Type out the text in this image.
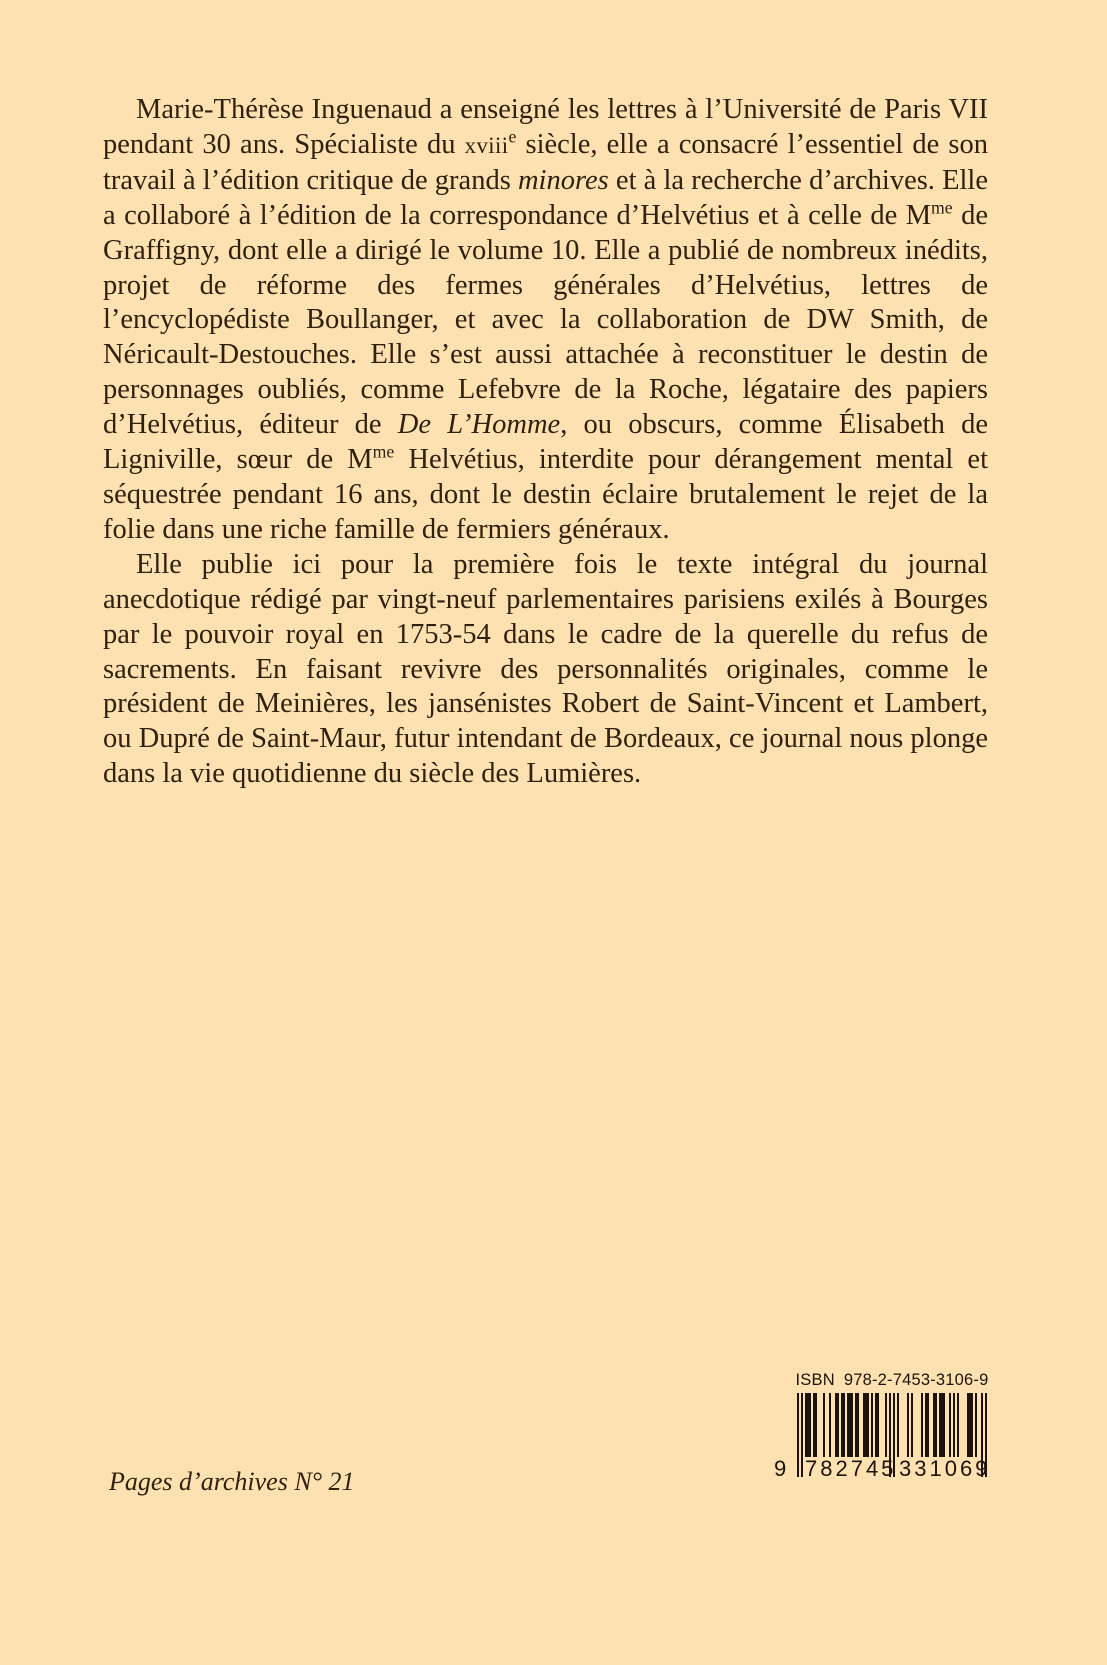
Marie-Thérèse Inguenaud a enseigné les lettres à l’Université de Paris VII pendant 30 ans. Spécialiste du xviii$^e$ siècle, elle a consacré l’essentiel de son travail à l’édition critique de grands minores et à la recherche d’archives. Elle a collaboré à l’édition de la correspondance d’Helvétius et à celle de $M^{me}$ de Graffigny, dont elle a dirigé le volume 10. Elle a publié de nombreux inédits, projet de réforme des fermes générales d’Helvétius, lettres de l’encyclopédiste Boullanger, et avec la collaboration de DW Smith, de Néricault-Destouches. Elle s’est aussi attachée à reconstituer le destin de personnages oubliés, comme Lefebvre de la Roche, légataire des papiers d’Helvétius, éditeur de De L’Homme, ou obscurs, comme Élisabeth de Ligniville, sœur de $M^{me}$ Helvétius, interdite pour dérangement mental et séquestrée pendant 16 ans, dont le destin éclaire brutalement le rejet de la folie dans une riche famille de fermiers généraux.

Elle publie ici pour la première fois le texte intégral du journal anecdotique rédigé par vingt-neuf parlementaires parisiens exilés à Bourges par le pouvoir royal en 1753-54 dans le cadre de la querelle du refus de sacrements. En faisant revivre des personnalités originales, comme le président de Meinières, les jansénistes Robert de Saint-Vincent et Lambert, ou Dupré de Saint-Maur, futur intendant de Bordeaux, ce journal nous plonge dans la vie quotidienne du siècle des Lumières.

Pages d’archives N° 21
ISBN 978-2-7453-3106-9
9 782745 331069
